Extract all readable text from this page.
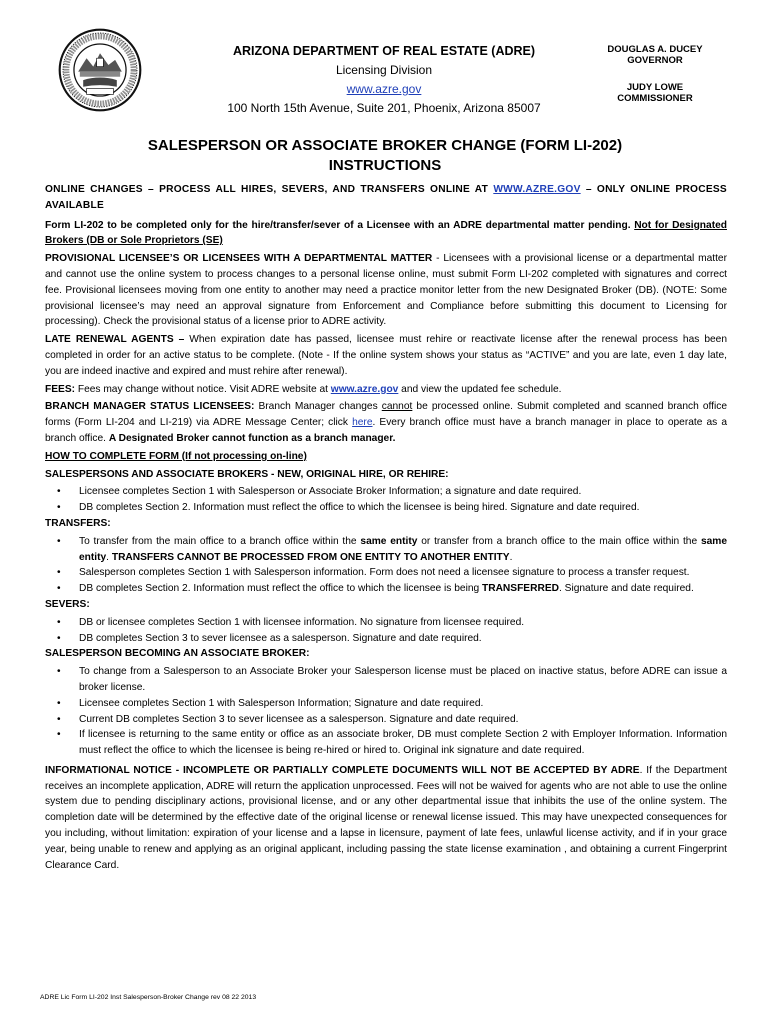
ARIZONA DEPARTMENT OF REAL ESTATE (ADRE)
Licensing Division
www.azre.gov
100 North 15th Avenue, Suite 201, Phoenix, Arizona 85007
DOUGLAS A. DUCEY
GOVERNOR
JUDY LOWE
COMMISSIONER
SALESPERSON OR ASSOCIATE BROKER CHANGE (FORM LI-202)
INSTRUCTIONS

ONLINE CHANGES – PROCESS ALL HIRES, SEVERS, AND TRANSFERS ONLINE AT WWW.AZRE.GOV – ONLY ONLINE PROCESS AVAILABLE

Form LI-202 to be completed only for the hire/transfer/sever of a Licensee with an ADRE departmental matter pending. Not for Designated Brokers (DB or Sole Proprietors (SE)

PROVISIONAL LICENSEE’S OR LICENSEES WITH A DEPARTMENTAL MATTER - Licensees with a provisional license or a departmental matter and cannot use the online system to process changes to a personal license online, must submit Form LI-202 completed with signatures and correct fee. Provisional licensees moving from one entity to another may need a practice monitor letter from the new Designated Broker (DB). (NOTE: Some provisional licensee’s may need an approval signature from Enforcement and Compliance before submitting this document to Licensing for processing). Check the provisional status of a license prior to ADRE activity.

LATE RENEWAL AGENTS – When expiration date has passed, licensee must rehire or reactivate license after the renewal process has been completed in order for an active status to be complete. (Note - If the online system shows your status as “ACTIVE” and you are late, even 1 day late, you are indeed inactive and expired and must rehire after renewal).

FEES: Fees may change without notice. Visit ADRE website at www.azre.gov and view the updated fee schedule.

BRANCH MANAGER STATUS LICENSEES: Branch Manager changes cannot be processed online. Submit completed and scanned branch office forms (Form LI-204 and LI-219) via ADRE Message Center; click here. Every branch office must have a branch manager in place to operate as a branch office. A Designated Broker cannot function as a branch manager.

HOW TO COMPLETE FORM (If not processing on-line)

SALESPERSONS AND ASSOCIATE BROKERS - NEW, ORIGINAL HIRE, OR REHIRE:

• Licensee completes Section 1 with Salesperson or Associate Broker Information; a signature and date required.
• DB completes Section 2. Information must reflect the office to which the licensee is being hired. Signature and date required.

TRANSFERS:

• To transfer from the main office to a branch office within the same entity or transfer from a branch office to the main office within the same entity. TRANSFERS CANNOT BE PROCESSED FROM ONE ENTITY TO ANOTHER ENTITY.
• Salesperson completes Section 1 with Salesperson information. Form does not need a licensee signature to process a transfer request.
• DB completes Section 2. Information must reflect the office to which the licensee is being TRANSFERRED. Signature and date required.

SEVERS:

• DB or licensee completes Section 1 with licensee information. No signature from licensee required.
• DB completes Section 3 to sever licensee as a salesperson. Signature and date required.

SALESPERSON BECOMING AN ASSOCIATE BROKER:

• To change from a Salesperson to an Associate Broker your Salesperson license must be placed on inactive status, before ADRE can issue a broker license.
• Licensee completes Section 1 with Salesperson Information; Signature and date required.
• Current DB completes Section 3 to sever licensee as a salesperson. Signature and date required.
• If licensee is returning to the same entity or office as an associate broker, DB must complete Section 2 with Employer Information. Information must reflect the office to which the licensee is being re-hired or hired to. Original ink signature and date required.

INFORMATIONAL NOTICE - INCOMPLETE OR PARTIALLY COMPLETE DOCUMENTS WILL NOT BE ACCEPTED BY ADRE. If the Department receives an incomplete application, ADRE will return the application unprocessed. Fees will not be waived for agents who are not able to use the online system due to pending disciplinary actions, provisional license, and or any other departmental issue that inhibits the use of the online system. The completion date will be determined by the effective date of the original license or renewal license issued. This may have unexpected consequences for you including, without limitation: expiration of your license and a lapse in licensure, payment of late fees, unlawful license activity, and if in your grace year, being unable to renew and applying as an original applicant, including passing the state license examination , and obtaining a current Fingerprint Clearance Card.

ADRE Lic Form LI-202 Inst Salesperson-Broker Change rev 08 22 2013
